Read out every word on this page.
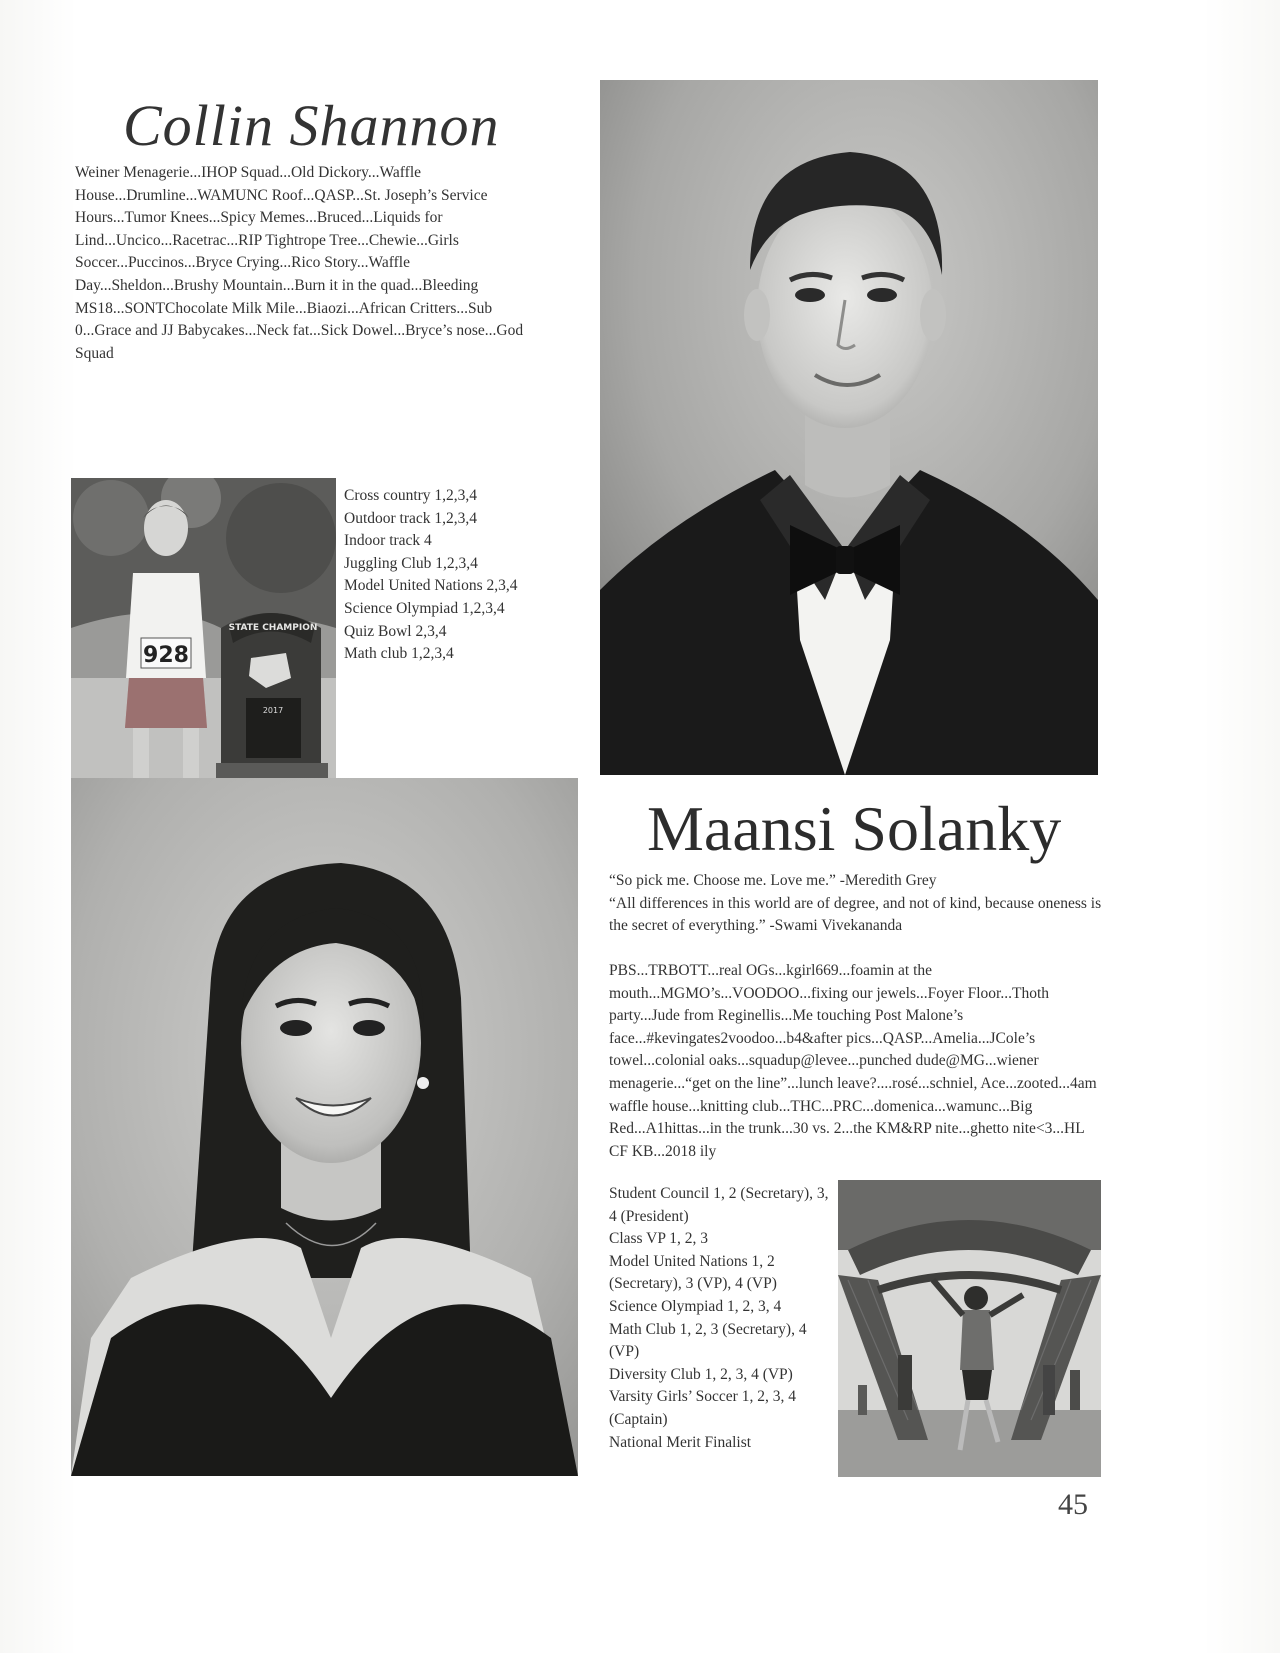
Collin Shannon

Weiner Menagerie...IHOP Squad...Old Dickory...Waffle House...Drumline...WAMUNC Roof...QASP...St. Joseph’s Service Hours...Tumor Knees...Spicy Memes...Bruced...Liquids for Lind...Uncico...Racetrac...RIP Tightrope Tree...Chewie...Girls Soccer...Puccinos...Bryce Crying...Rico Story...Waffle Day...Sheldon...Brushy Mountain...Burn it in the quad...Bleeding MS18...SONTChocolate Milk Mile...Biaozi...African Critters...Sub 0...Grace and JJ Babycakes...Neck fat...Sick Dowel...Bryce’s nose...God Squad

928
STATE CHAMPION
2017
Cross country 1,2,3,4
Outdoor track 1,2,3,4
Indoor track 4
Juggling Club 1,2,3,4
Model United Nations 2,3,4
Science Olympiad 1,2,3,4
Quiz Bowl 2,3,4
Math club 1,2,3,4
Maansi Solanky

“So pick me. Choose me. Love me.” -Meredith Grey

“All differences in this world are of degree, and not of kind, because oneness is the secret of everything.” -Swami Vivekananda

PBS...TRBOTT...real OGs...kgirl669...foamin at the mouth...MGMO’s...VOODOO...fixing our jewels...Foyer Floor...Thoth party...Jude from Reginellis...Me touching Post Malone’s face...#kevingates2voodoo...b4&after pics...QASP...Amelia...JCole’s towel...colonial oaks...squadup@levee...punched dude@MG...wiener menagerie...“get on the line”...lunch leave?....rosé...schniel, Ace...zooted...4am waffle house...knitting club...THC...PRC...domenica...wamunc...Big Red...A1hittas...in the trunk...30 vs. 2...the KM&RP nite...ghetto nite<3...HL CF KB...2018 ily

Student Council 1, 2 (Secretary), 3, 4 (President)
Class VP 1, 2, 3
Model United Nations 1, 2 (Secretary), 3 (VP), 4 (VP)
Science Olympiad 1, 2, 3, 4
Math Club 1, 2, 3 (Secretary), 4 (VP)
Diversity Club 1, 2, 3, 4 (VP)
Varsity Girls’ Soccer 1, 2, 3, 4 (Captain)
National Merit Finalist

45
